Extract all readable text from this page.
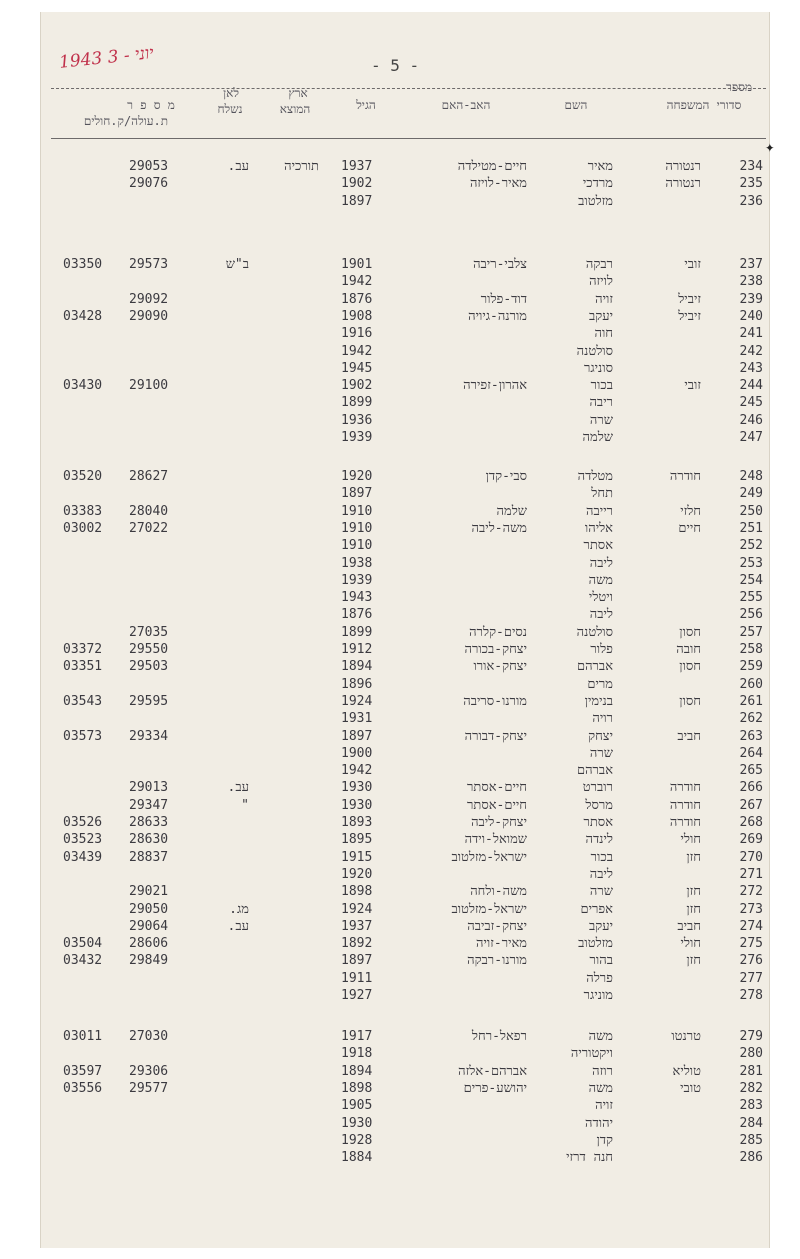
1943 יוני - 3	- 5 -
מספר
סדורי המשפחה
השם
האב-האם
הגיל
ארץ
המוצא
לאן
נשלח
מ ס פ ר
ת.עולה/ק.חולים
✦
234
רנטורה
מאיר
חיים-מטילדה
1937
תורכיה
עב.
29053
235
רנטורה
מרדכי
מאיר-לויזה
1902
29076
236
מזלטוב
1897
237
זובי
רבקה
צלבי-ריבה
1901
ב"ש
29573
03350
238
לויזה
1942
239
זיביל
זויה
דוד-פלור
1876
29092
240
זיביל
יעקב
מורנה-גיויה
1908
29090
03428
241
חוה
1916
242
סולטנה
1942
243
סוניגר
1945
244
זובי
בכור
אהרון-זפירה
1902
29100
03430
245
ריבה
1899
246
שרה
1936
247
שלמה
1939
248
חודרה
מטלדה
סבי-קדן
1920
28627
03520
249
תחל
1897
250
חלזי
רייבה
שלמה
1910
28040
03383
251
חיים
אליהו
משה-ליבה
1910
27022
03002
252
אסתר
1910
253
ליבה
1938
254
משה
1939
255
ויטלי
1943
256
ליבה
1876
257
חסון
סולטנה
נסים-קלרה
1899
27035
258
חובה
פלור
יצחק-בכורה
1912
29550
03372
259
חסון
אברהם
יצחק-אורו
1894
29503
03351
260
מרים
1896
261
חסון
בנימין
מורנו-סריבה
1924
29595
03543
262
רויה
1931
263
חביב
יצחק
יצחק-דבורה
1897
29334
03573
264
שרה
1900
265
אברהם
1942
266
חודרה
רוברט
חיים-אסתר
1930
עב.
29013
267
חודרה
מרסל
חיים-אסתר
1930
"
29347
268
חודרה
אסתר
יצחק-ליבה
1893
28633
03526
269
חולי
לינדה
שמואל-וידה
1895
28630
03523
270
חזן
בכור
ישראל-מזלטוב
1915
28837
03439
271
ליבה
1920
272
חזן
שרה
משה-ולחה
1898
29021
273
חזן
אפרים
ישראל-מזלטוב
1924
מג.
29050
274
חביב
יעקב
יצחק-זביבה
1937
עב.
29064
275
חולי
מזלטוב
מאיר-זויה
1892
28606
03504
276
חזן
בהור
מורנו-רבקה
1897
29849
03432
277
פרלה
1911
278
מוניגר
1927
279
טרנטו
משה
רפאל-רחל
1917
27030
03011
280
ויקטוריה
1918
281
טוליא
רוזה
אברהם-אלזה
1894
29306
03597
282
טובי
משה
יהושע-פרים
1898
29577
03556
283
זויה
1905
284
יהודה
1930
285
קדן
1928
286
חנה דרזי
1884
